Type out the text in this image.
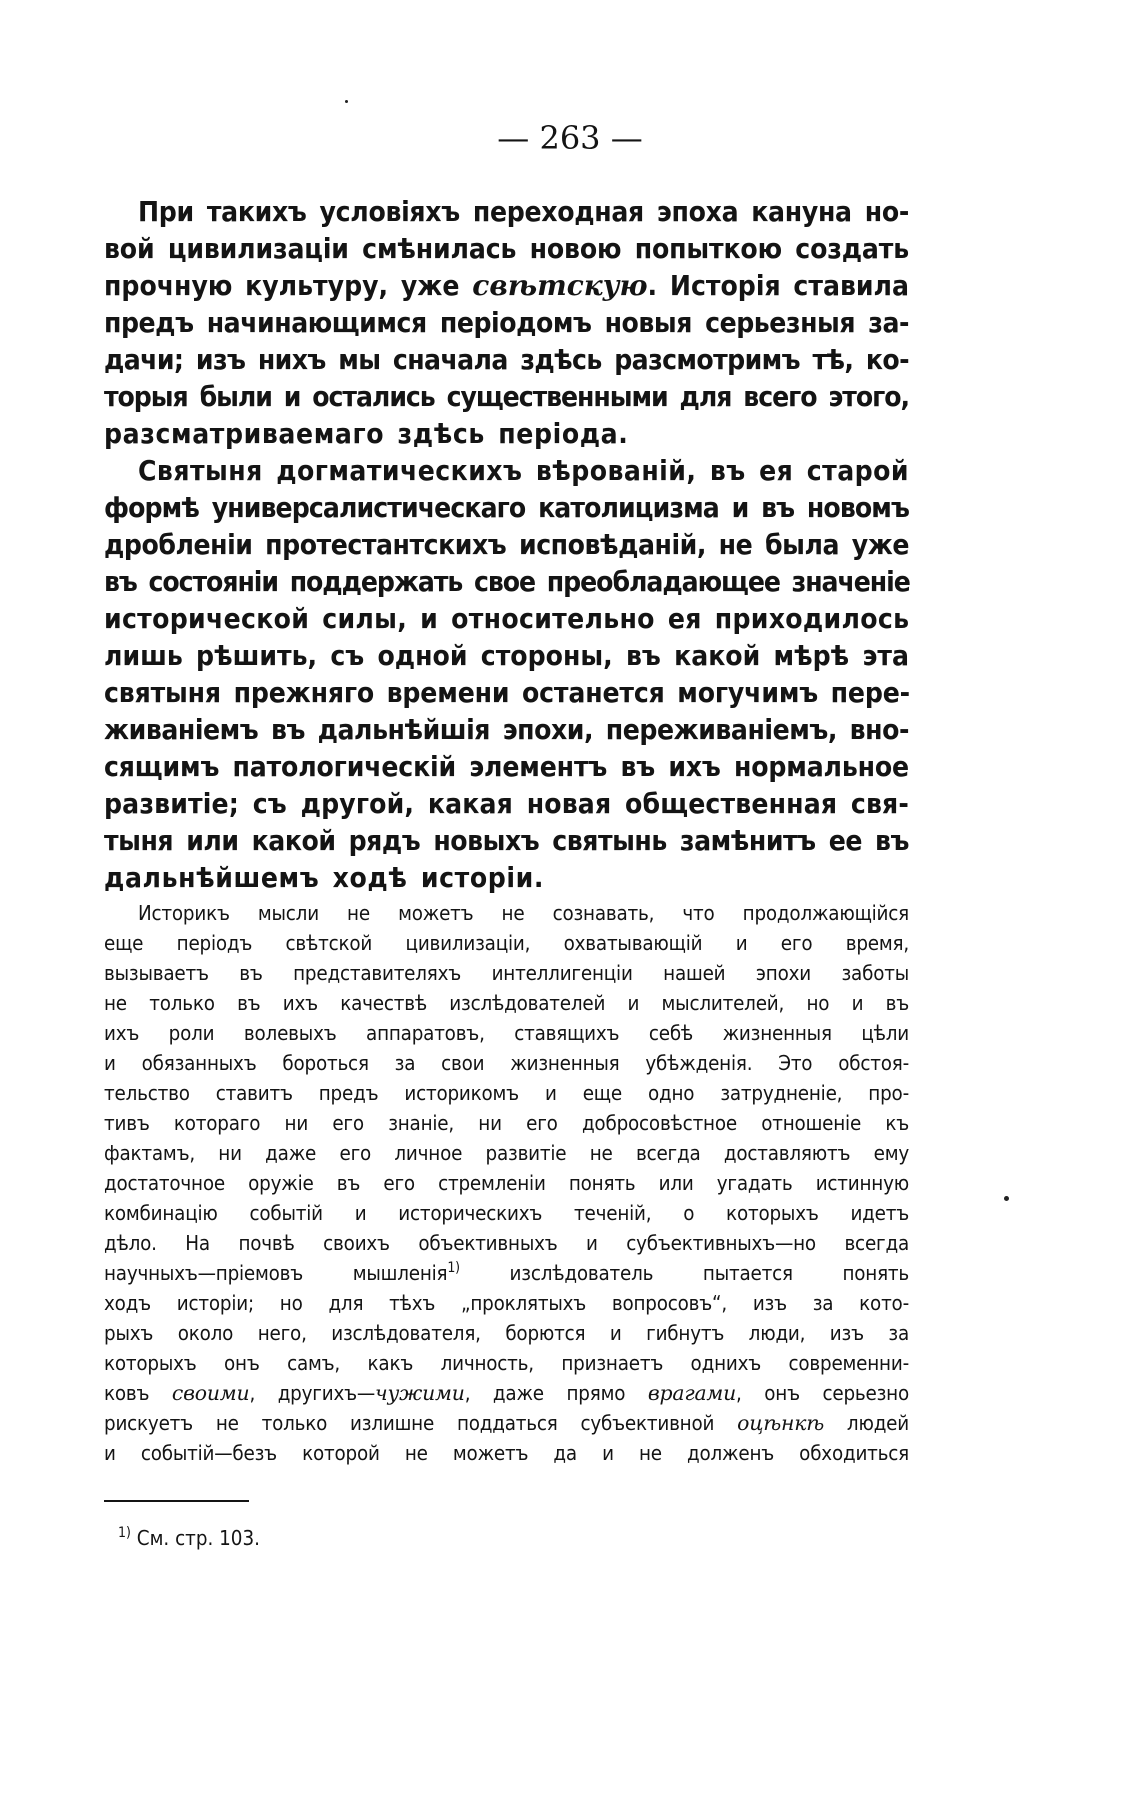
— 263 —
При такихъ условіяхъ переходная эпоха кануна но-
вой цивилизаціи смѣнилась новою попыткою создать
прочную культуру, уже свѣтскую. Исторія ставила
предъ начинающимся періодомъ новыя серьезныя за-
дачи; изъ нихъ мы сначала здѣсь разсмотримъ тѣ, ко-
торыя были и остались существенными для всего этого,
разсматриваемаго здѣсь періода.
Святыня догматическихъ вѣрованій, въ ея старой
формѣ универсалистическаго католицизма и въ новомъ
дробленіи протестантскихъ исповѣданій, не была уже
въ состояніи поддержать свое преобладающее значеніе
исторической силы, и относительно ея приходилось
лишь рѣшить, съ одной стороны, въ какой мѣрѣ эта
святыня прежняго времени останется могучимъ пере-
живаніемъ въ дальнѣйшія эпохи, переживаніемъ, вно-
сящимъ патологическій элементъ въ ихъ нормальное
развитіе; съ другой, какая новая общественная свя-
тыня или какой рядъ новыхъ святынь замѣнитъ ее въ
дальнѣйшемъ ходѣ исторіи.
Историкъ мысли не можетъ не сознавать, что продолжающійся
еще періодъ свѣтской цивилизаціи, охватывающій и его время,
вызываетъ въ представителяхъ интеллигенціи нашей эпохи заботы
не только въ ихъ качествѣ изслѣдователей и мыслителей, но и въ
ихъ роли волевыхъ аппаратовъ, ставящихъ себѣ жизненныя цѣли
и обязанныхъ бороться за свои жизненныя убѣжденія. Это обстоя-
тельство ставитъ предъ историкомъ и еще одно затрудненіе, про-
тивъ котораго ни его знаніе, ни его добросовѣстное отношеніе къ
фактамъ, ни даже его личное развитіе не всегда доставляютъ ему
достаточное оружіе въ его стремленіи понять или угадать истинную
комбинацію событій и историческихъ теченій, о которыхъ идетъ
дѣло. На почвѣ своихъ объективныхъ и субъективныхъ—но всегда
научныхъ—пріемовъ мышленія$^{1)}$ изслѣдователь пытается понять
ходъ исторіи; но для тѣхъ „проклятыхъ вопросовъ“, изъ за кото-
рыхъ около него, изслѣдователя, борются и гибнутъ люди, изъ за
которыхъ онъ самъ, какъ личность, признаетъ однихъ современни-
ковъ своими, другихъ—чужими, даже прямо врагами, онъ серьезно
рискуетъ не только излишне поддаться субъективной оцѣнкѣ людей
и событій—безъ которой не можетъ да и не долженъ обходиться
$^{1)}$ См. стр. 103.
